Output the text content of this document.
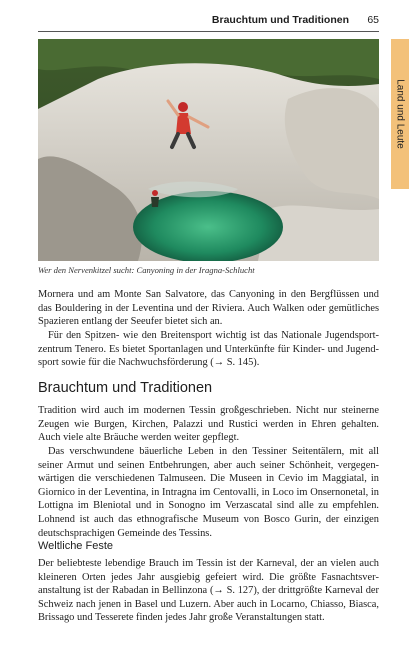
Brauchtum und Traditionen 65
Land und Leute
Wer den Nervenkitzel sucht: Canyoning in der Iragna-Schlucht

Mornera und am Monte San Salvatore, das Canyoning in den Bergflüssen und das Bouldering in der Leventina und der Riviera. Auch Walken oder gemütliches Spazieren entlang der Seeufer bietet sich an.

Für den Spitzen- wie den Breitensport wichtig ist das Nationale Jugendsportzentrum Tenero. Es bietet Sportanlagen und Unterkünfte für Kinder- und Jugendsport sowie für die Nachwuchsförderung (→ S. 145).

Brauchtum und Traditionen

Tradition wird auch im modernen Tessin großgeschrieben. Nicht nur steinerne Zeugen wie Burgen, Kirchen, Palazzi und Rustici werden in Ehren gehalten. Auch viele alte Bräuche werden weiter gepflegt.

Das verschwundene bäuerliche Leben in den Tessiner Seitentälern, mit all seiner Armut und seinen Entbehrungen, aber auch seiner Schönheit, vergegenwärtigen die verschiedenen Talmuseen. Die Museen in Cevio im Maggiatal, in Giornico in der Leventina, in Intragna im Centovalli, in Loco im Onsernonetal, in Lottigna im Bleniotal und in Sonogno im Verzascatal sind alle zu empfehlen. Lohnend ist auch das ethnografische Museum von Bosco Gurin, der einzigen deutschsprachigen Gemeinde des Tessins.

Weltliche Feste

Der beliebteste lebendige Brauch im Tessin ist der Karneval, der an vielen auch kleineren Orten jedes Jahr ausgiebig gefeiert wird. Die größte Fasnachtsveranstaltung ist der Rabadan in Bellinzona (→ S. 127), der drittgrößte Karneval der Schweiz nach jenen in Basel und Luzern. Aber auch in Locarno, Chiasso, Biasca, Brissago und Tesserete finden jedes Jahr große Veranstaltungen statt.
